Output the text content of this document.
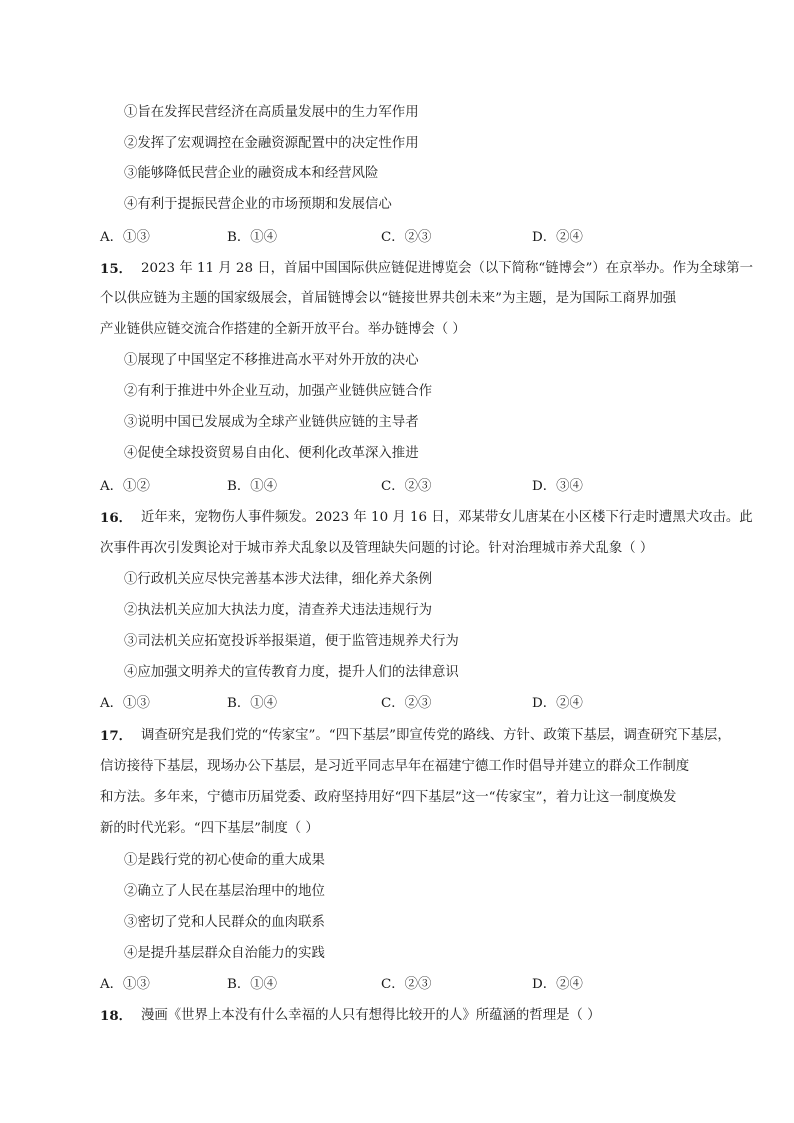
①旨在发挥民营经济在高质量发展中的生力军作用
②发挥了宏观调控在金融资源配置中的决定性作用
③能够降低民营企业的融资成本和经营风险
④有利于提振民营企业的市场预期和发展信心
A．①③	B．①④	C．②③	D．②④
15． 2023 年 11 月 28 日，首届中国国际供应链促进博览会（以下简称“链博会”）在京举办。作为全球第一
个以供应链为主题的国家级展会，首届链博会以“链接世界共创未来”为主题，是为国际工商界加强
产业链供应链交流合作搭建的全新开放平台。举办链博会（ ）
①展现了中国坚定不移推进高水平对外开放的决心
②有利于推进中外企业互动，加强产业链供应链合作
③说明中国已发展成为全球产业链供应链的主导者
④促使全球投资贸易自由化、便利化改革深入推进
A．①②	B．①④	C．②③	D．③④
16． 近年来，宠物伤人事件频发。2023 年 10 月 16 日，邓某带女儿唐某在小区楼下行走时遭黑犬攻击。此
次事件再次引发舆论对于城市养犬乱象以及管理缺失问题的讨论。针对治理城市养犬乱象（ ）
①行政机关应尽快完善基本涉犬法律，细化养犬条例
②执法机关应加大执法力度，清查养犬违法违规行为
③司法机关应拓宽投诉举报渠道，便于监管违规养犬行为
④应加强文明养犬的宣传教育力度，提升人们的法律意识
A．①③	B．①④	C．②③	D．②④
17． 调查研究是我们党的“传家宝”。“四下基层”即宣传党的路线、方针、政策下基层，调查研究下基层，
信访接待下基层，现场办公下基层，是习近平同志早年在福建宁德工作时倡导并建立的群众工作制度
和方法。多年来，宁德市历届党委、政府坚持用好“四下基层”这一“传家宝”，着力让这一制度焕发
新的时代光彩。“四下基层”制度（ ）
①是践行党的初心使命的重大成果
②确立了人民在基层治理中的地位
③密切了党和人民群众的血肉联系
④是提升基层群众自治能力的实践
A．①③	B．①④	C．②③	D．②④
18． 漫画《世界上本没有什么幸福的人只有想得比较开的人》所蕴涵的哲理是（ ）
